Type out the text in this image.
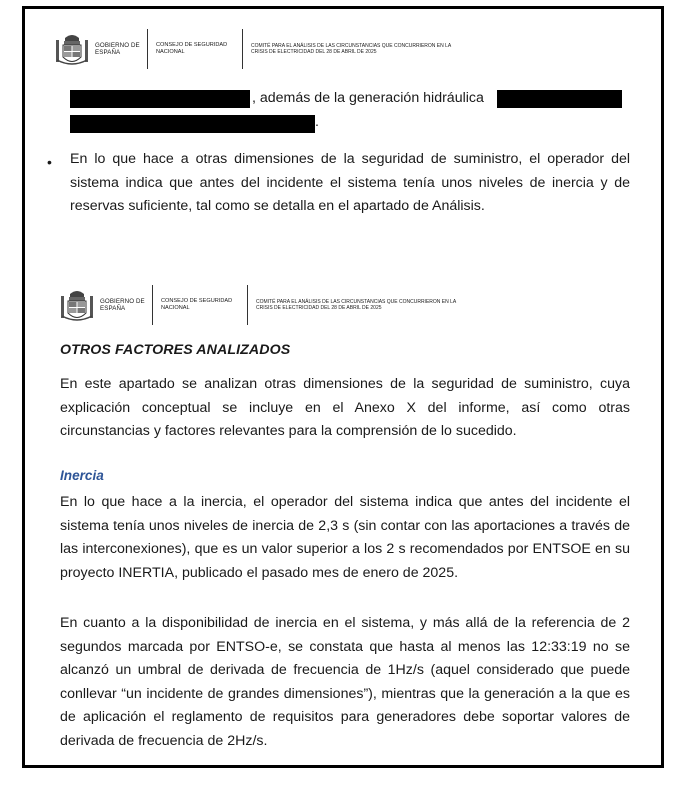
GOBIERNO DE ESPAÑA
CONSEJO DE SEGURIDAD NACIONAL
COMITÉ PARA EL ANÁLISIS DE LAS CIRCUNSTANCIAS QUE CONCURRIERON EN LA CRISIS DE ELECTRICIDAD DEL 28 DE ABRIL DE 2025
, además de la generación hidráulica
.
• En lo que hace a otras dimensiones de la seguridad de suministro, el operador del sistema indica que antes del incidente el sistema tenía unos niveles de inercia y de reservas suficiente, tal como se detalla en el apartado de Análisis.
GOBIERNO DE ESPAÑA
CONSEJO DE SEGURIDAD NACIONAL
COMITÉ PARA EL ANÁLISIS DE LAS CIRCUNSTANCIAS QUE CONCURRIERON EN LA CRISIS DE ELECTRICIDAD DEL 28 DE ABRIL DE 2025
OTROS FACTORES ANALIZADOS
En este apartado se analizan otras dimensiones de la seguridad de suministro, cuya explicación conceptual se incluye en el Anexo X del informe, así como otras circunstancias y factores relevantes para la comprensión de lo sucedido.
Inercia
En lo que hace a la inercia, el operador del sistema indica que antes del incidente el sistema tenía unos niveles de inercia de 2,3 s (sin contar con las aportaciones a través de las interconexiones), que es un valor superior a los 2 s recomendados por ENTSOE en su proyecto INERTIA, publicado el pasado mes de enero de 2025.
En cuanto a la disponibilidad de inercia en el sistema, y más allá de la referencia de 2 segundos marcada por ENTSO-e, se constata que hasta al menos las 12:33:19 no se alcanzó un umbral de derivada de frecuencia de 1Hz/s (aquel considerado que puede conllevar “un incidente de grandes dimensiones”), mientras que la generación a la que es de aplicación el reglamento de requisitos para generadores debe soportar valores de derivada de frecuencia de 2Hz/s.
